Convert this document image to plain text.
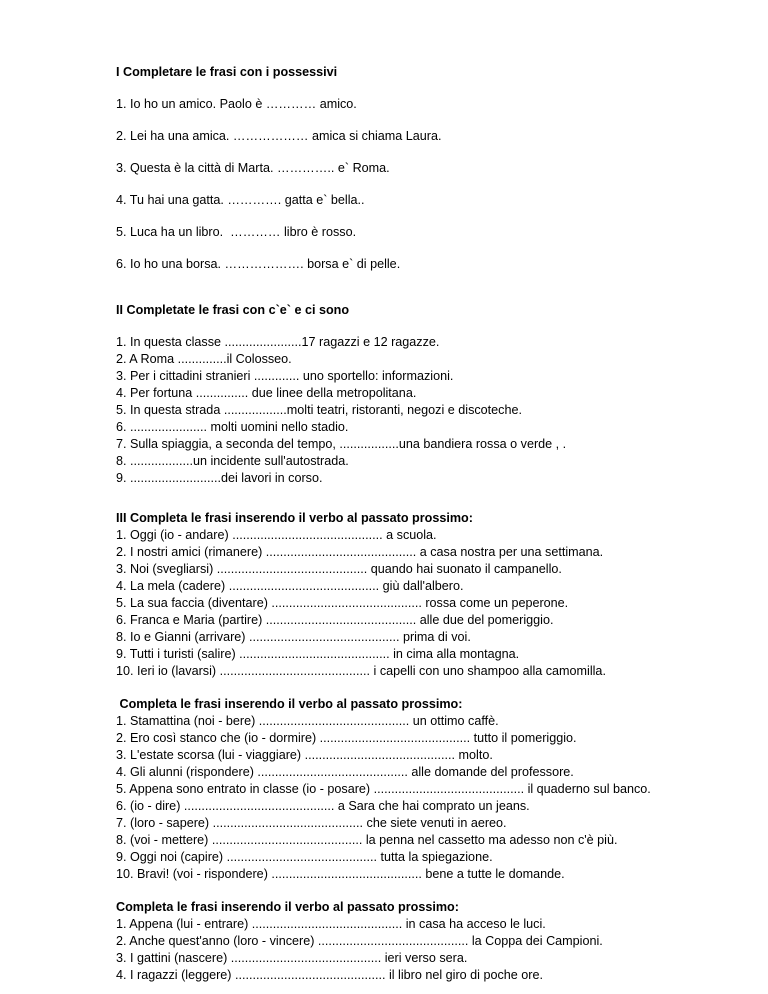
I Completare le frasi con i possessivi

1. Io ho un amico. Paolo è ………… amico.

2. Lei ha una amica. ……………… amica si chiama Laura.

3. Questa è la città di Marta. ………….. e` Roma.

4. Tu hai una gatta. …………. gatta e` bella..

5. Luca ha un libro.  ………… libro è rosso.

6. Io ho una borsa. ………………. borsa e` di pelle.

II Completate le frasi con c`e` e ci sono

1. In questa classe ......................17 ragazzi e 12 ragazze.

2. A Roma ..............il Colosseo.

3. Per i cittadini stranieri ............. uno sportello: informazioni.

4. Per fortuna ............... due linee della metropolitana.

5. In questa strada ..................molti teatri, ristoranti, negozi e discoteche.

6. ...................... molti uomini nello stadio.

7. Sulla spiaggia, a seconda del tempo, .................una bandiera rossa o verde , .

8. ..................un incidente sull'autostrada.

9. ..........................dei lavori in corso.

III Completa le frasi inserendo il verbo al passato prossimo:

1. Oggi (io - andare) ........................................... a scuola.

2. I nostri amici (rimanere) ........................................... a casa nostra per una settimana.

3. Noi (svegliarsi) ........................................... quando hai suonato il campanello.

4. La mela (cadere) ........................................... giù dall'albero.

5. La sua faccia (diventare) ........................................... rossa come un peperone.

6. Franca e Maria (partire) ........................................... alle due del pomeriggio.

8. Io e Gianni (arrivare) ........................................... prima di voi.

9. Tutti i turisti (salire) ........................................... in cima alla montagna.

10. Ieri io (lavarsi) ........................................... i capelli con uno shampoo alla camomilla.

Completa le frasi inserendo il verbo al passato prossimo:

1. Stamattina (noi - bere) ........................................... un ottimo caffè.

2. Ero così stanco che (io - dormire) ........................................... tutto il pomeriggio.

3. L'estate scorsa (lui - viaggiare) ........................................... molto.

4. Gli alunni (rispondere) ........................................... alle domande del professore.

5. Appena sono entrato in classe (io - posare) ........................................... il quaderno sul banco.

6. (io - dire) ........................................... a Sara che hai comprato un jeans.

7. (loro - sapere) ........................................... che siete venuti in aereo.

8. (voi - mettere) ........................................... la penna nel cassetto ma adesso non c'è più.

9. Oggi noi (capire) ........................................... tutta la spiegazione.

10. Bravi! (voi - rispondere) ........................................... bene a tutte le domande.

Completa le frasi inserendo il verbo al passato prossimo:

1. Appena (lui - entrare) ........................................... in casa ha acceso le luci.

2. Anche quest'anno (loro - vincere) ........................................... la Coppa dei Campioni.

3. I gattini (nascere) ........................................... ieri verso sera.

4. I ragazzi (leggere) ........................................... il libro nel giro di poche ore.
